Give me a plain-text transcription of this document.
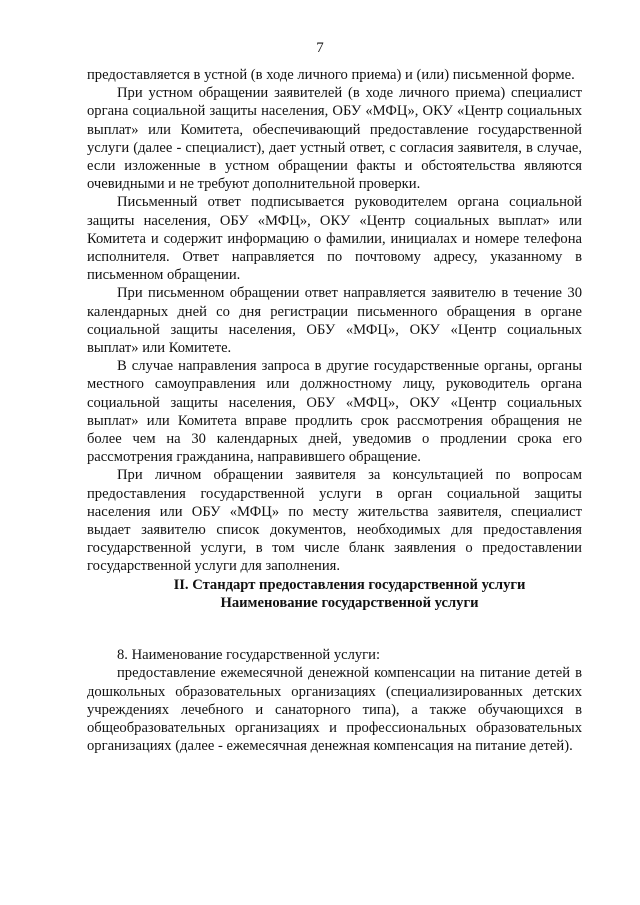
7

предоставляется в устной (в ходе личного приема) и (или) письменной форме.

При устном обращении заявителей (в ходе личного приема) специалист органа социальной защиты населения, ОБУ «МФЦ», ОКУ «Центр социальных выплат» или Комитета, обеспечивающий предоставление государственной услуги (далее - специалист), дает устный ответ, с согласия заявителя, в случае, если изложенные в устном обращении факты и обстоятельства являются очевидными и не требуют дополнительной проверки.

Письменный ответ подписывается руководителем органа социальной защиты населения, ОБУ «МФЦ», ОКУ «Центр социальных выплат» или Комитета и содержит информацию о фамилии, инициалах и номере телефона исполнителя. Ответ направляется по почтовому адресу, указанному в письменном обращении.

При письменном обращении ответ направляется заявителю в течение 30 календарных дней со дня регистрации письменного обращения в органе социальной защиты населения, ОБУ «МФЦ», ОКУ «Центр социальных выплат» или Комитете.

В случае направления запроса в другие государственные органы, органы местного самоуправления или должностному лицу, руководитель органа социальной защиты населения, ОБУ «МФЦ», ОКУ «Центр социальных выплат» или Комитета вправе продлить срок рассмотрения обращения не более чем на 30 календарных дней, уведомив о продлении срока его рассмотрения гражданина, направившего обращение.

При личном обращении заявителя за консультацией по вопросам предоставления государственной услуги в орган социальной защиты населения или ОБУ «МФЦ» по месту жительства заявителя, специалист выдает заявителю список документов, необходимых для предоставления государственной услуги, в том числе бланк заявления о предоставлении государственной услуги для заполнения.

II. Стандарт предоставления государственной услуги

Наименование государственной услуги

8. Наименование государственной услуги:

предоставление ежемесячной денежной компенсации на питание детей в дошкольных образовательных организациях (специализированных детских учреждениях лечебного и санаторного типа), а также обучающихся в общеобразовательных организациях и профессиональных образовательных организациях (далее - ежемесячная денежная компенсация на питание детей).
